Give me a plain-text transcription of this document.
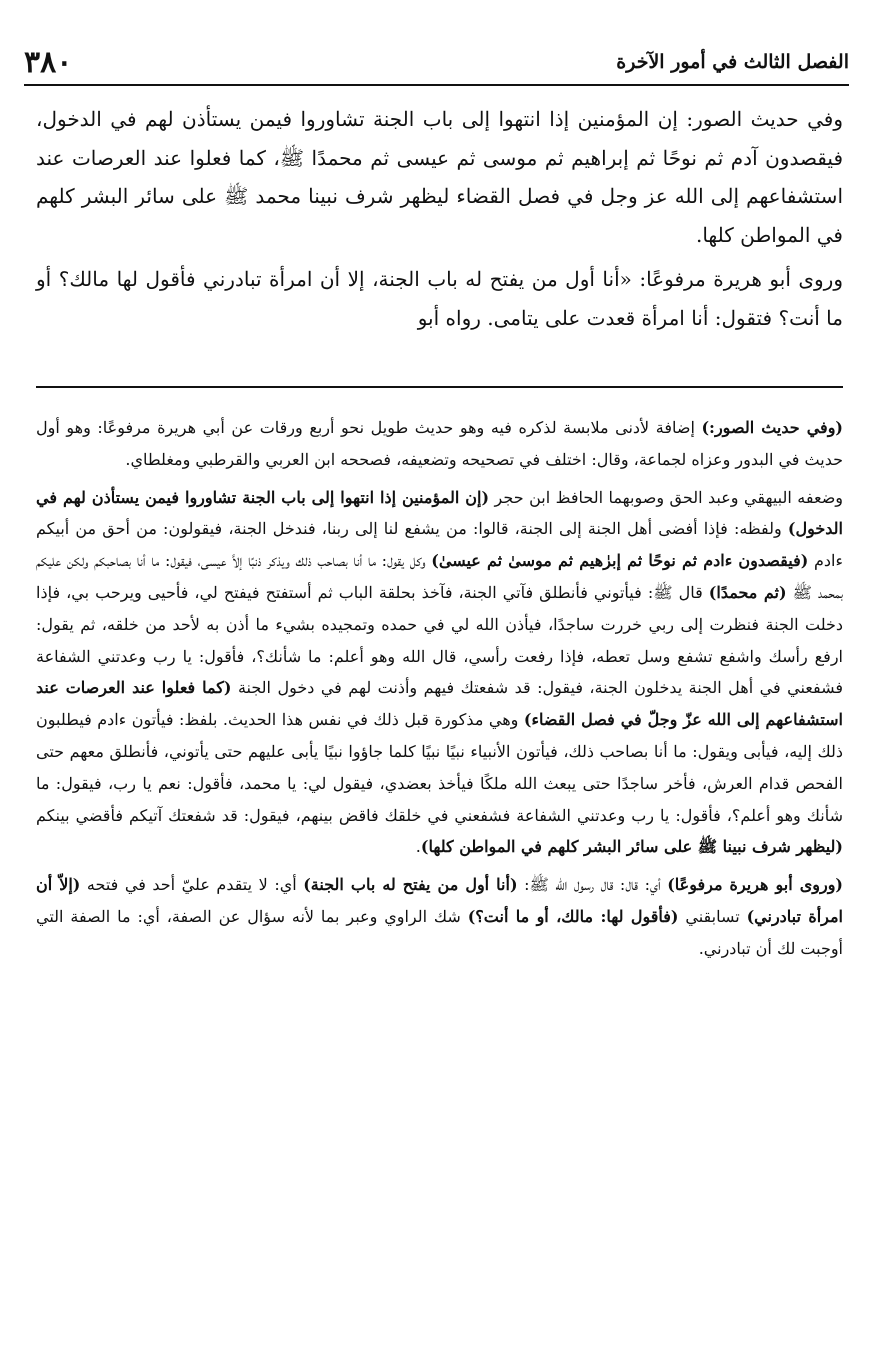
الفصل الثالث في أمور الآخرة
٣٨٠

وفي حديث الصور: إن المؤمنين إذا انتهوا إلى باب الجنة تشاوروا فيمن يستأذن لهم في الدخول، فيقصدون آدم ثم نوحًا ثم إبراهيم ثم موسى ثم عيسى ثم محمدًا ﷺ، كما فعلوا عند العرصات عند استشفاعهم إلى الله عز وجل في فصل القضاء ليظهر شرف نبينا محمد ﷺ على سائر البشر كلهم في المواطن كلها.

وروى أبو هريرة مرفوعًا: «أنا أول من يفتح له باب الجنة، إلا أن امرأة تبادرني فأقول لها مالك؟ أو ما أنت؟ فتقول: أنا امرأة قعدت على يتامى. رواه أبو

(وفي حديث الصور:) إضافة لأدنى ملابسة لذكره فيه وهو حديث طويل نحو أربع ورقات عن أبي هريرة مرفوعًا: وهو أول حديث في البدور وعزاه لجماعة، وقال: اختلف في تصحيحه وتضعيفه، فصححه ابن العربي والقرطبي ومغلطاي.

وضعفه البيهقي وعبد الحق وصوبهما الحافظ ابن حجر (إن المؤمنين إذا انتهوا إلى باب الجنة تشاوروا فيمن يستأذن لهم في الدخول) ولفظه: فإذا أفضى أهل الجنة إلى الجنة، قالوا: من يشفع لنا إلى ربنا، فندخل الجنة، فيقولون: من أحق من أبيكم ءادم (فيقصدون ءادم ثم نوحًا ثم إبرٰهيم ثم موسىٰ ثم عيسىٰ) وكل يقول: ما أنا بصاحب ذلك ويذكر ذنبًا إلاَّ عيسى، فيقول: ما أنا بصاحبكم ولكن عليكم بمحمد ﷺ (ثم محمدًا) قال ﷺ: فيأتوني فأنطلق فآتي الجنة، فآخذ بحلقة الباب ثم أستفتح فيفتح لي، فأحيى ويرحب بي، فإذا دخلت الجنة فنظرت إلى ربي خررت ساجدًا، فيأذن الله لي في حمده وتمجيده بشيء ما أذن به لأحد من خلقه، ثم يقول: ارفع رأسك واشفع تشفع وسل تعطه، فإذا رفعت رأسي، قال الله وهو أعلم: ما شأنك؟، فأقول: يا رب وعدتني الشفاعة فشفعني في أهل الجنة يدخلون الجنة، فيقول: قد شفعتك فيهم وأذنت لهم في دخول الجنة (كما فعلوا عند العرصات عند استشفاعهم إلى الله عزّ وجلّ في فصل القضاء) وهي مذكورة قبل ذلك في نفس هذا الحديث. بلفظ: فيأتون ءادم فيطلبون ذلك إليه، فيأبى ويقول: ما أنا بصاحب ذلك، فيأتون الأنبياء نبيًا نبيًا كلما جاؤوا نبيًا يأبى عليهم حتى يأتوني، فأنطلق معهم حتى الفحص قدام العرش، فأخر ساجدًا حتى يبعث الله ملكًا فيأخذ بعضدي، فيقول لي: يا محمد، فأقول: نعم يا رب، فيقول: ما شأنك وهو أعلم؟، فأقول: يا رب وعدتني الشفاعة فشفعني في خلقك فاقض بينهم، فيقول: قد شفعتك آتيكم فأقضي بينكم (ليظهر شرف نبينا ﷺ على سائر البشر كلهم في المواطن كلها).

(وروى أبو هريرة مرفوعًا) أي: قال: قال رسول الله ﷺ: (أنا أول من يفتح له باب الجنة) أي: لا يتقدم عليّ أحد في فتحه (إلاّ أن امرأة تبادرني) تسابقني (فأقول لها: مالك، أو ما أنت؟) شك الراوي وعبر بما لأنه سؤال عن الصفة، أي: ما الصفة التي أوجبت لك أن تبادرني.
